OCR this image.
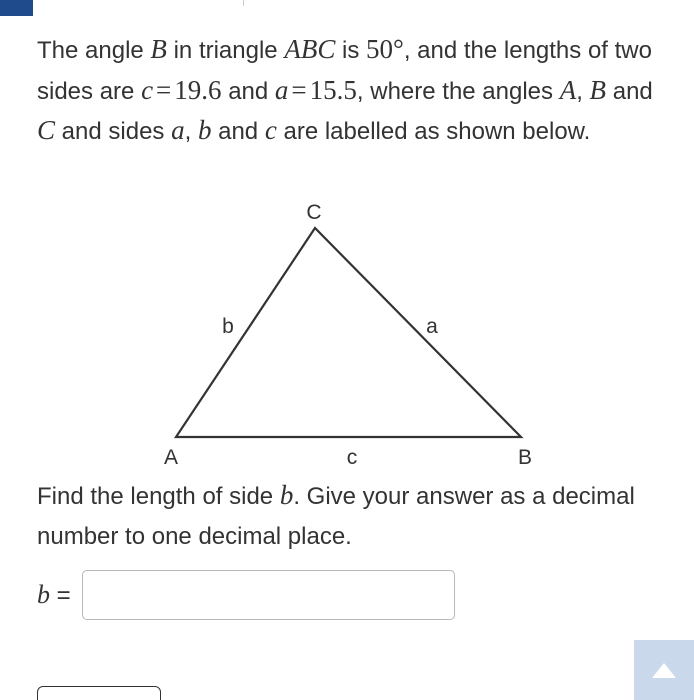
The angle B in triangle ABC is 50°, and the lengths of two sides are c = 19.6 and a = 15.5, where the angles A, B and C and sides a, b and c are labelled as shown below.
C
A	B
b	a
c
Find the length of side b. Give your answer as a decimal number to one decimal place.
b =
